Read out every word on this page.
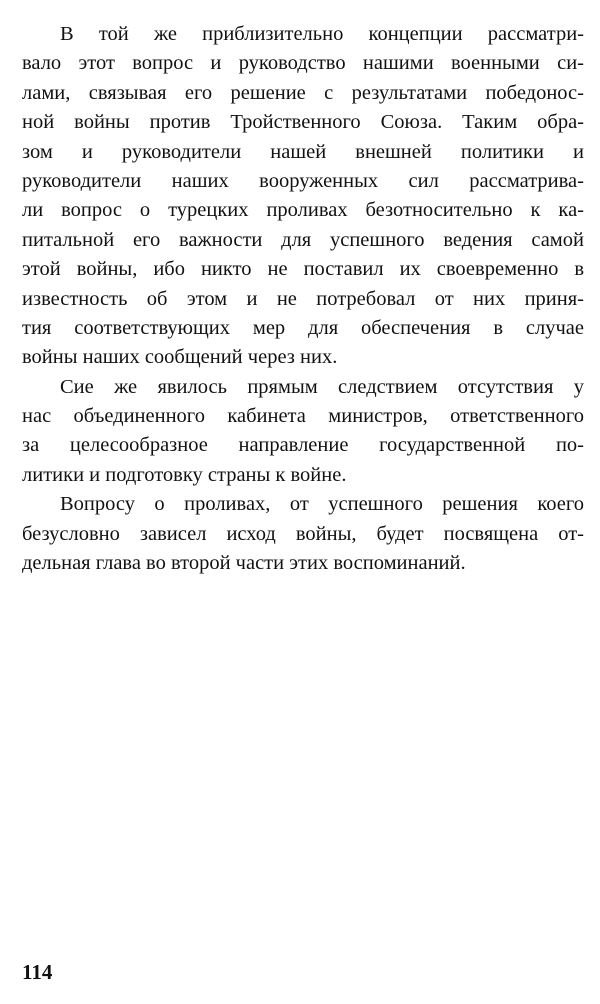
В той же приблизительно концепции рассматри-
вало этот вопрос и руководство нашими военными си-
лами, связывая его решение с результатами победонос-
ной войны против Тройственного Союза. Таким обра-
зом и руководители нашей внешней политики и
руководители наших вооруженных сил рассматрива-
ли вопрос о турецких проливах безотносительно к ка-
питальной его важности для успешного ведения самой
этой войны, ибо никто не поставил их своевременно в
известность об этом и не потребовал от них приня-
тия соответствующих мер для обеспечения в случае
войны наших сообщений через них.
Сие же явилось прямым следствием отсутствия у
нас объединенного кабинета министров, ответственного
за целесообразное направление государственной по-
литики и подготовку страны к войне.
Вопросу о проливах, от успешного решения коего
безусловно зависел исход войны, будет посвящена от-
дельная глава во второй части этих воспоминаний.
114
